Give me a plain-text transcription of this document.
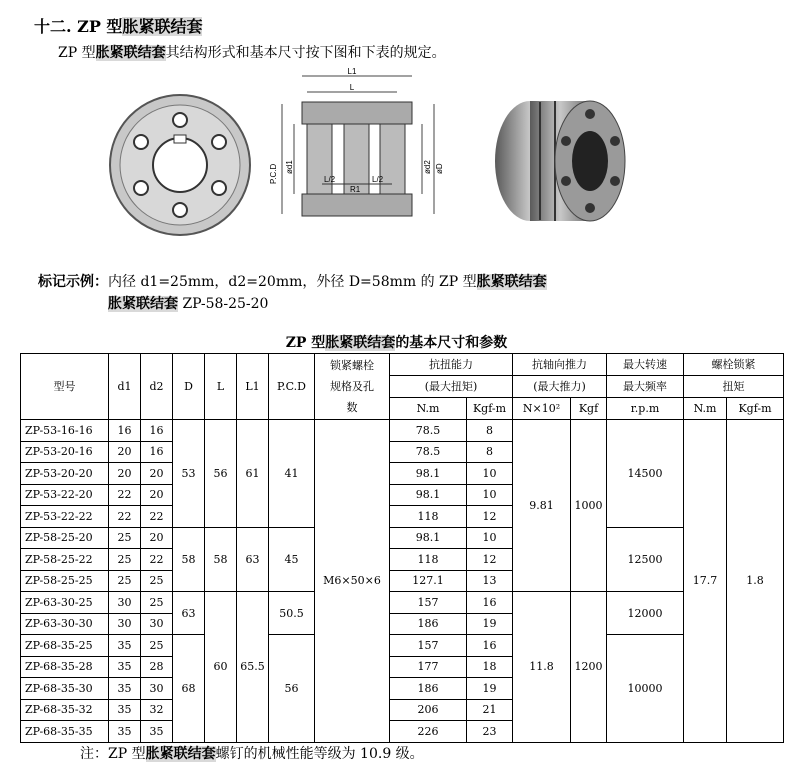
十二. ZP 型胀紧联结套
ZP 型胀紧联结套其结构形式和基本尺寸按下图和下表的规定。
L1
L
P.C.D ød1	ød2 øD
L/2	L/2
R1
标记示例：内径 d1=25mm，d2=20mm，外径 D=58mm 的 ZP 型胀紧联结套
胀紧联结套 ZP-58-25-20
ZP 型胀紧联结套的基本尺寸和参数
型号	d1	d2	D	L	L1	P.C.D	锁紧螺栓
规格及孔
数	抗扭能力		抗轴向推力		最大转速	螺栓锁紧	
								(最大扭矩)		(最大推力)		最大频率	扭矩	
								N.m	Kgf-m	N×10²	Kgf	r.p.m	N.m	Kgf-m
ZP-53-16-16	16	16	53	56	61	41	M6×50×6	78.5	8	9.81	1000	14500	17.7	1.8
ZP-53-20-16	20	16						78.5	8					
ZP-53-20-20	20	20						98.1	10					
ZP-53-22-20	22	20						98.1	10					
ZP-53-22-22	22	22						118	12					
ZP-58-25-20	25	20	58	58	63	45		98.1	10			12500		
ZP-58-25-22	25	22						118	12					
ZP-58-25-25	25	25						127.1	13					
ZP-63-30-25	30	25	63	60	65.5	50.5		157	16	11.8	1200	12000		
ZP-63-30-30	30	30						186	19					
ZP-68-35-25	35	25	68			56		157	16			10000		
ZP-68-35-28	35	28						177	18					
ZP-68-35-30	35	30						186	19					
ZP-68-35-32	35	32						206	21					
ZP-68-35-35	35	35						226	23					
注：ZP 型胀紧联结套螺钉的机械性能等级为 10.9 级。
